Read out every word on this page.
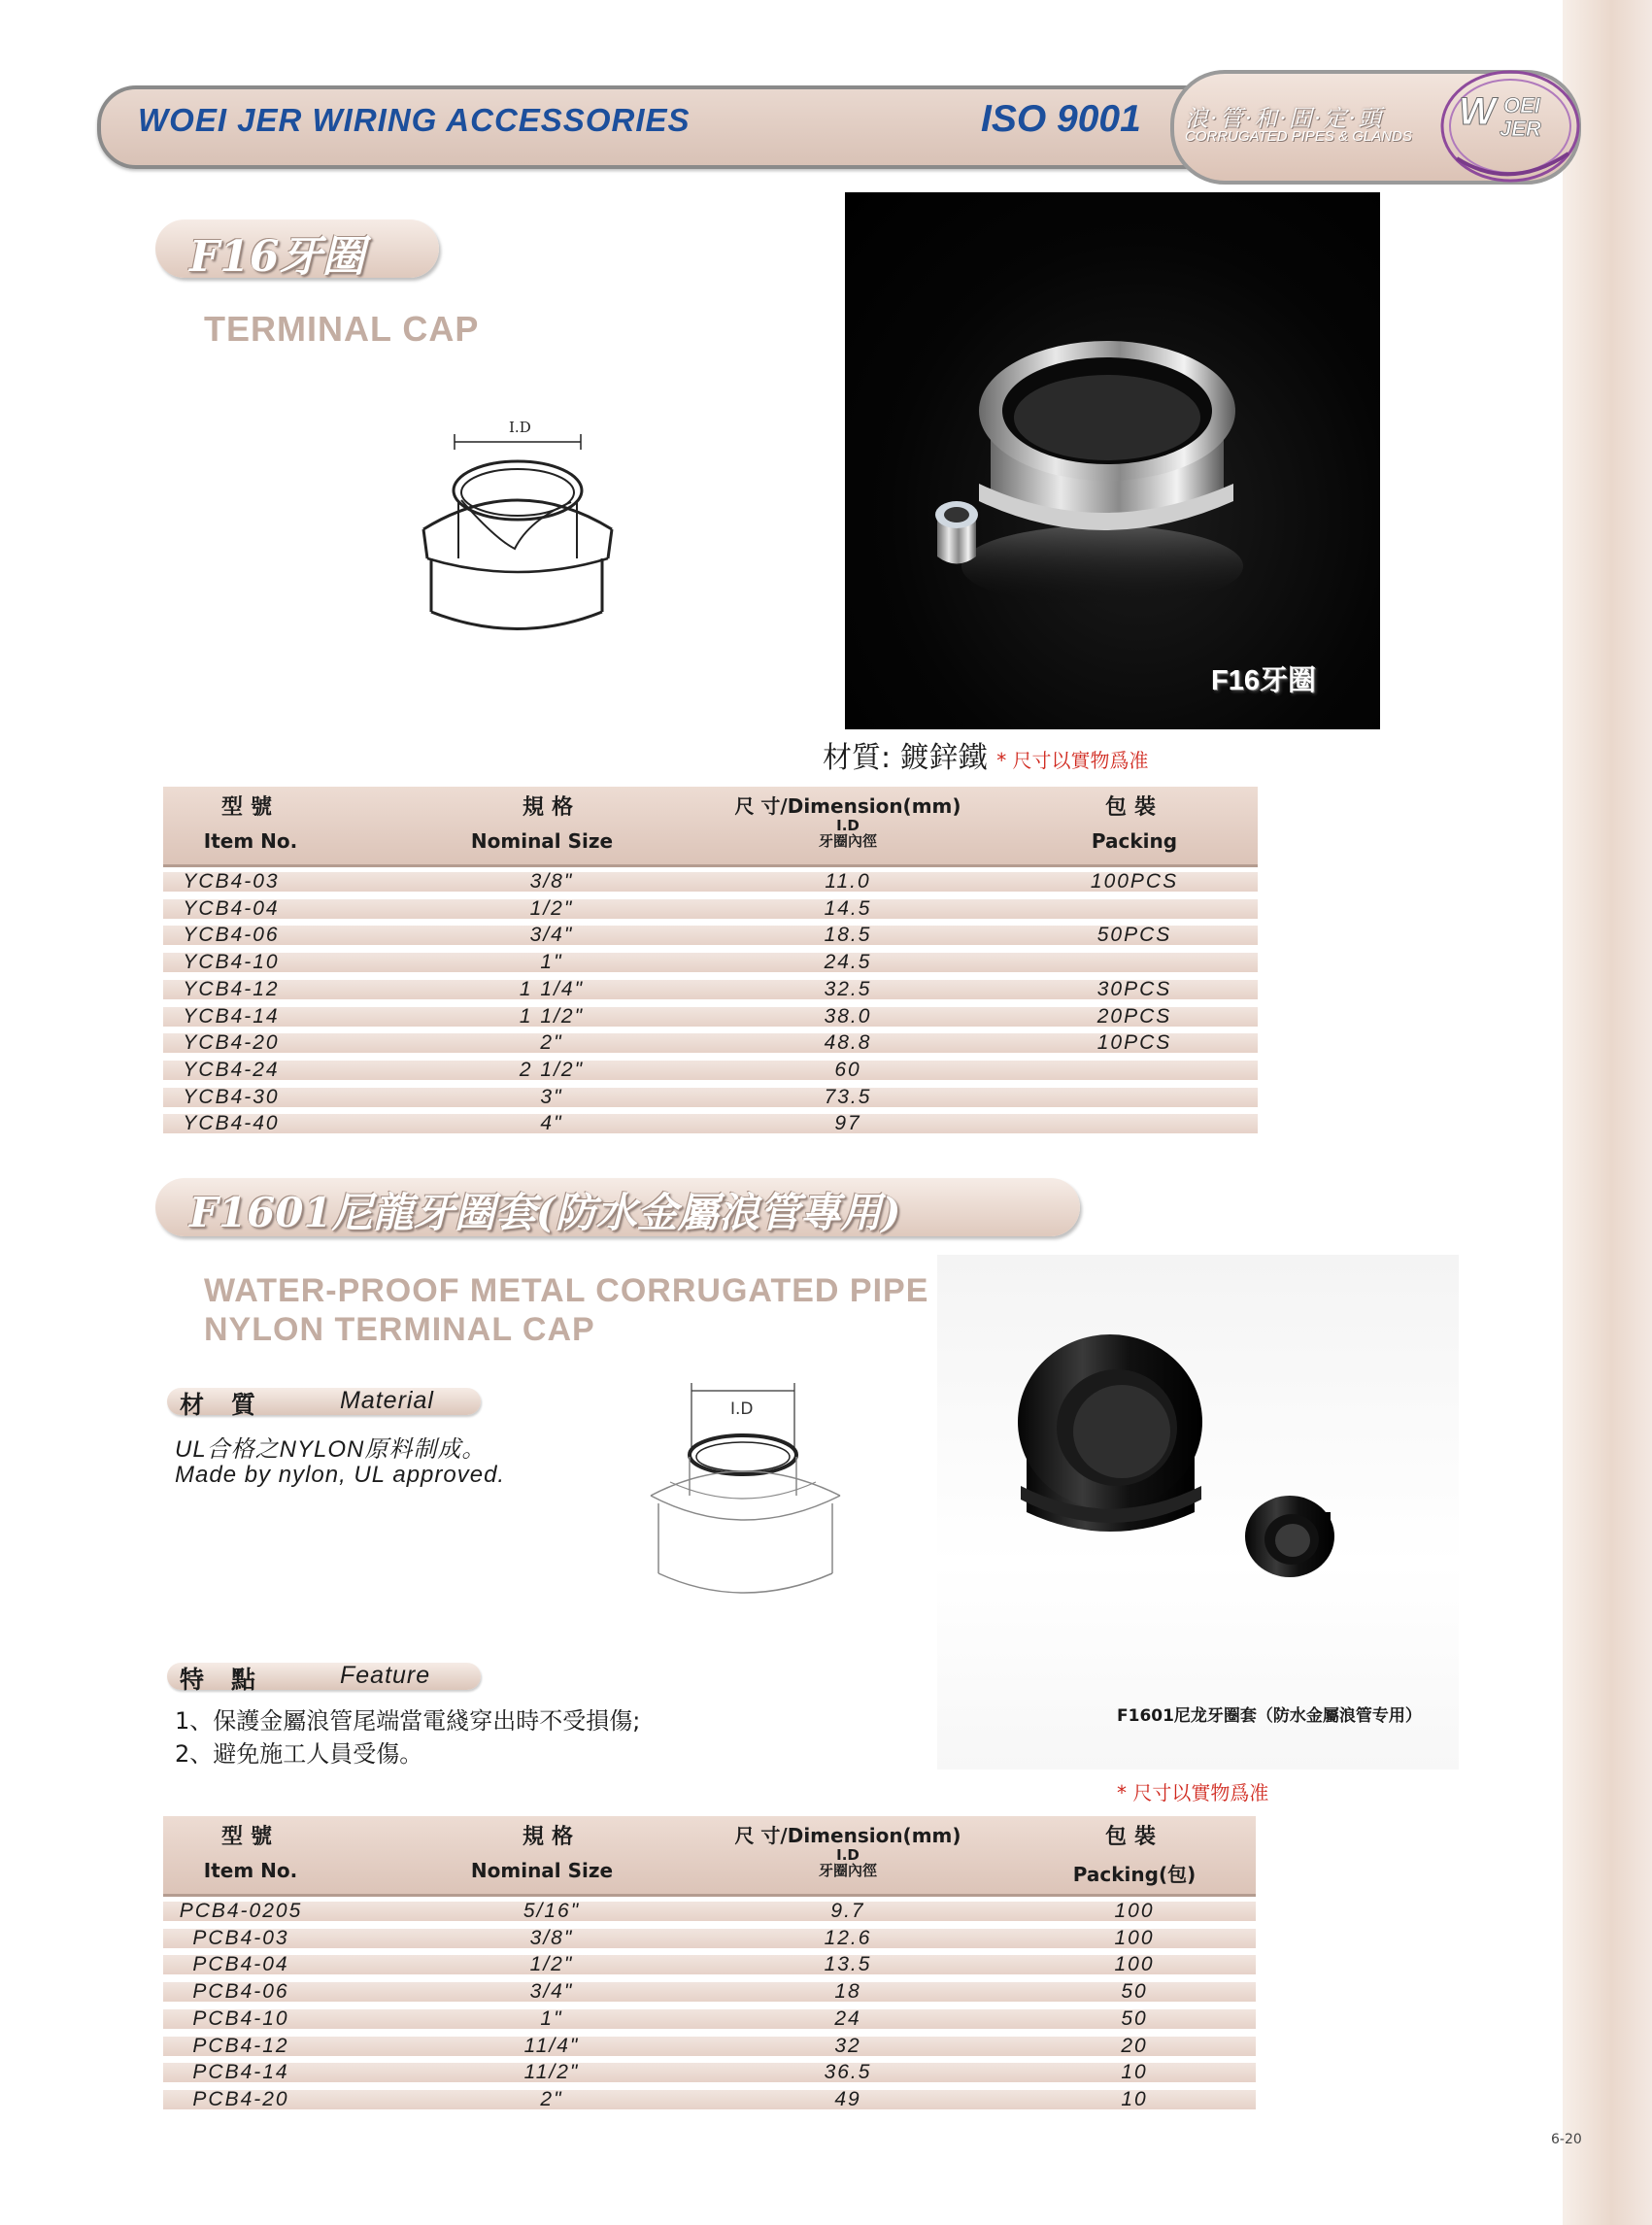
WOEI JER WIRING ACCESSORIES	ISO 9001 浪·管·和·固·定·頭
CORRUGATED PIPES & GLANDS
W OEI
JER
F16牙圈
TERMINAL CAP
I.D
F16牙圈
材質: 鍍鋅鐵 * 尺寸以實物爲准
型號
Item No.
規格
Nominal Size
尺 寸/Dimension(mm)
I.D
牙圈內徑
包裝
Packing
YCB4-03	3/8"	11.0	100PCS
YCB4-04	1/2"	14.5
YCB4-06	3/4"	18.5	50PCS
YCB4-10	1"	24.5
YCB4-12	1 1/4"	32.5	30PCS
YCB4-14	1 1/2"	38.0	20PCS
YCB4-20	2"	48.8	10PCS
YCB4-24	2 1/2"	60
YCB4-30	3"	73.5
YCB4-40	4"	97
F1601尼龍牙圈套(防水金屬浪管專用)
WATER-PROOF METAL CORRUGATED PIPE
NYLON TERMINAL CAP
材質 Material
UL合格之NYLON原料制成。
Made by nylon, UL approved.
I.D
特點 Feature
1、保護金屬浪管尾端當電綫穿出時不受損傷;
2、避免施工人員受傷。
F1601尼龙牙圈套（防水金屬浪管专用）
* 尺寸以實物爲准
型號
Item No.
規格
Nominal Size
尺 寸/Dimension(mm)
I.D
牙圈內徑
包裝
Packing(包)
PCB4-0205	5/16"	9.7	100
PCB4-03	3/8"	12.6	100
PCB4-04	1/2"	13.5	100
PCB4-06	3/4"	18	50
PCB4-10	1"	24	50
PCB4-12	11/4"	32	20
PCB4-14	11/2"	36.5	10
PCB4-20	2"	49	10
6-20
